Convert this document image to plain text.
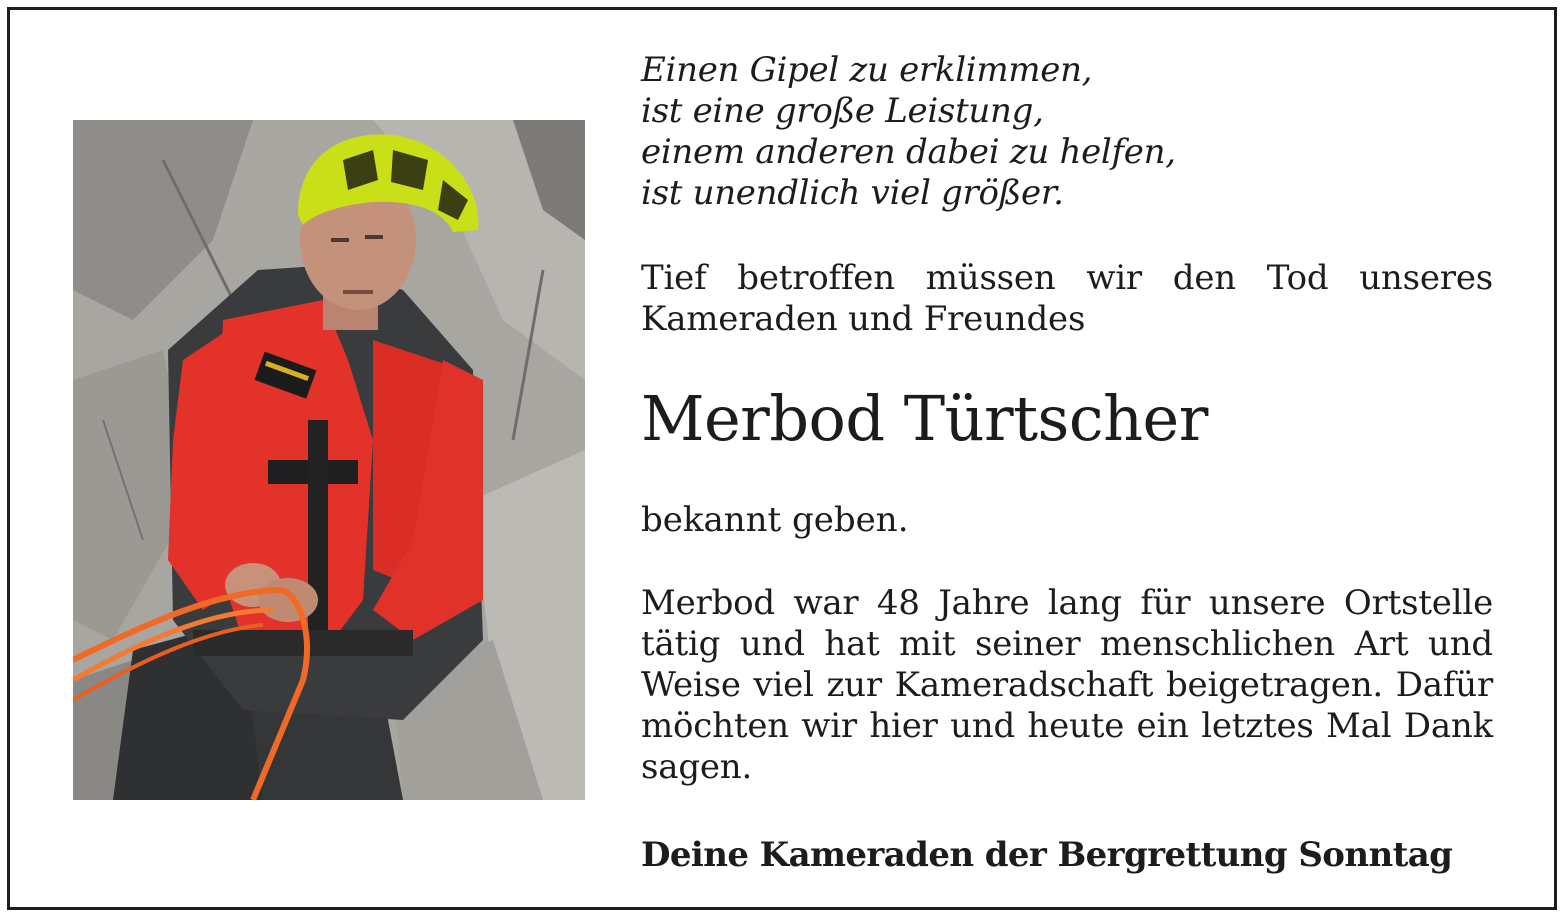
Einen Gipel zu erklimmen,
ist eine große Leistung,
einem anderen dabei zu helfen,
ist unendlich viel größer.
Tief betroffen müssen wir den Tod unseres Kameraden und Freundes
Merbod Türtscher
bekannt geben.
Merbod war 48 Jahre lang für unsere Ortstelle tätig und hat mit seiner menschlichen Art und Weise viel zur Kameradschaft beigetragen. Dafür möchten wir hier und heute ein letztes Mal Dank sagen.
Deine Kameraden der Bergrettung Sonntag
